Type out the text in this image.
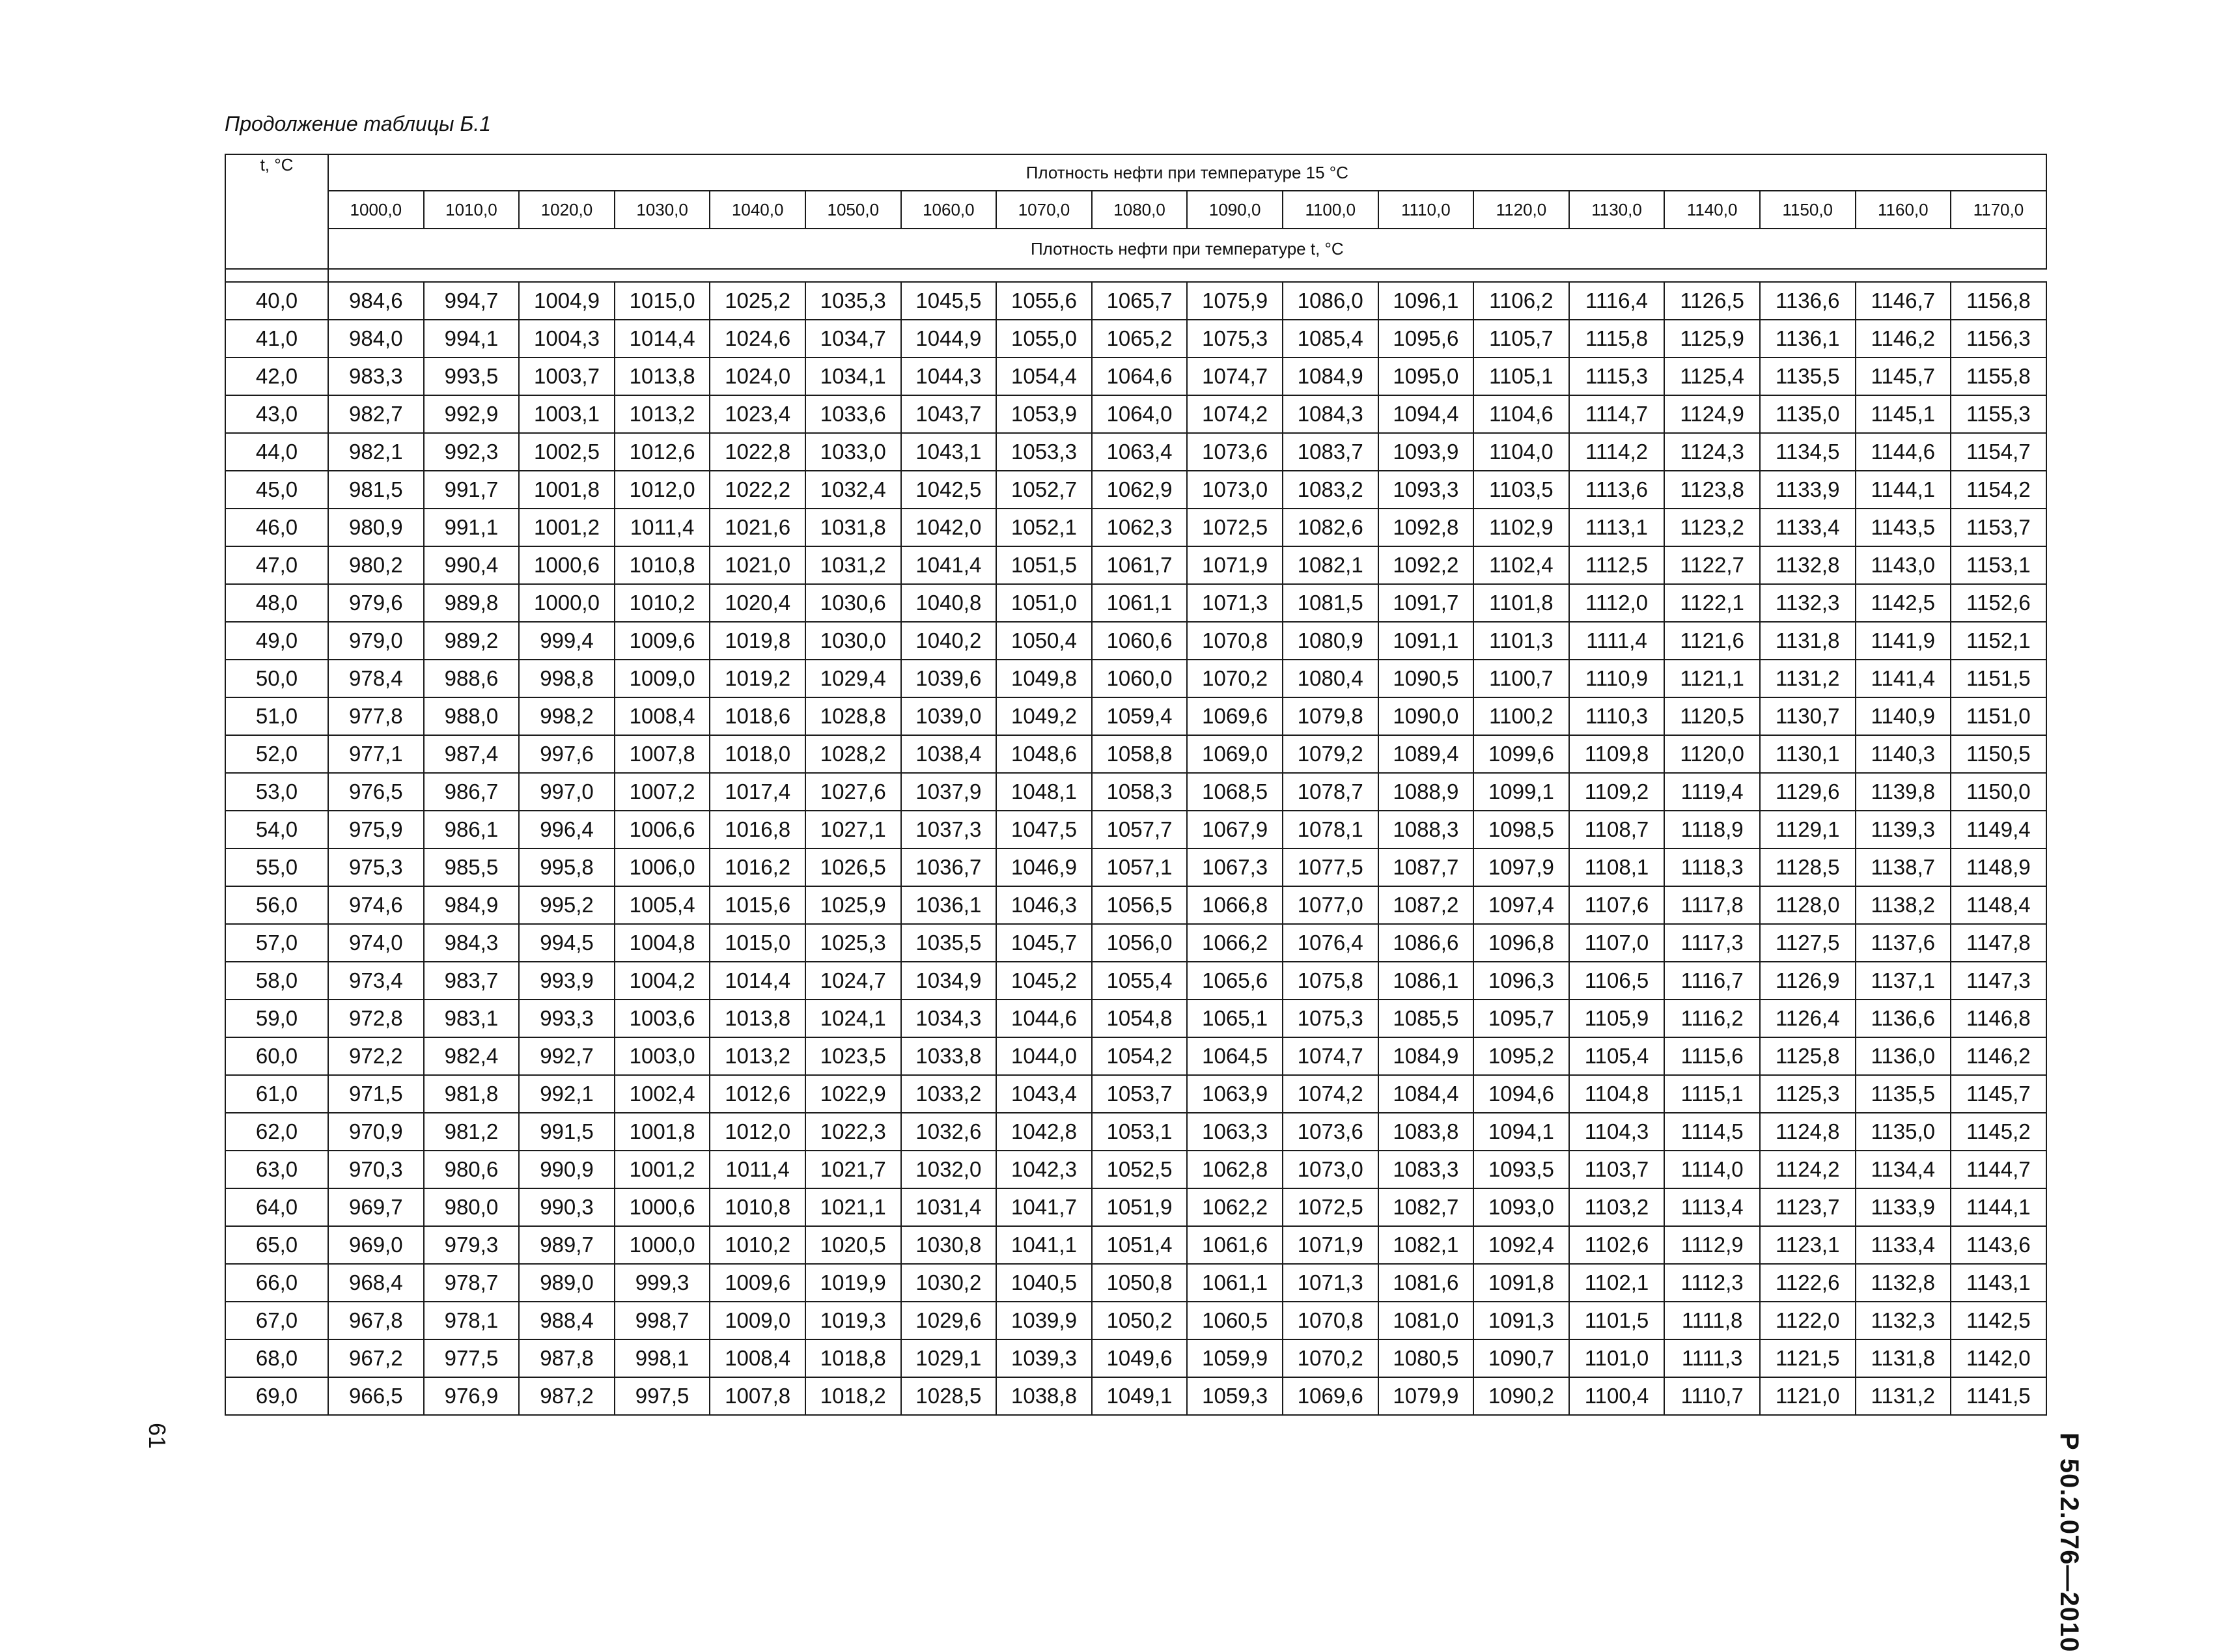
Продолжение таблицы Б.1
t, °C	Плотность нефти при температуре 15 °C																	
	1000,0	1010,0	1020,0	1030,0	1040,0	1050,0	1060,0	1070,0	1080,0	1090,0	1100,0	1110,0	1120,0	1130,0	1140,0	1150,0	1160,0	1170,0
	Плотность нефти при температуре t, °C																	

40,0	984,6	994,7	1004,9	1015,0	1025,2	1035,3	1045,5	1055,6	1065,7	1075,9	1086,0	1096,1	1106,2	1116,4	1126,5	1136,6	1146,7	1156,8
41,0	984,0	994,1	1004,3	1014,4	1024,6	1034,7	1044,9	1055,0	1065,2	1075,3	1085,4	1095,6	1105,7	1115,8	1125,9	1136,1	1146,2	1156,3
42,0	983,3	993,5	1003,7	1013,8	1024,0	1034,1	1044,3	1054,4	1064,6	1074,7	1084,9	1095,0	1105,1	1115,3	1125,4	1135,5	1145,7	1155,8
43,0	982,7	992,9	1003,1	1013,2	1023,4	1033,6	1043,7	1053,9	1064,0	1074,2	1084,3	1094,4	1104,6	1114,7	1124,9	1135,0	1145,1	1155,3
44,0	982,1	992,3	1002,5	1012,6	1022,8	1033,0	1043,1	1053,3	1063,4	1073,6	1083,7	1093,9	1104,0	1114,2	1124,3	1134,5	1144,6	1154,7
45,0	981,5	991,7	1001,8	1012,0	1022,2	1032,4	1042,5	1052,7	1062,9	1073,0	1083,2	1093,3	1103,5	1113,6	1123,8	1133,9	1144,1	1154,2
46,0	980,9	991,1	1001,2	1011,4	1021,6	1031,8	1042,0	1052,1	1062,3	1072,5	1082,6	1092,8	1102,9	1113,1	1123,2	1133,4	1143,5	1153,7
47,0	980,2	990,4	1000,6	1010,8	1021,0	1031,2	1041,4	1051,5	1061,7	1071,9	1082,1	1092,2	1102,4	1112,5	1122,7	1132,8	1143,0	1153,1
48,0	979,6	989,8	1000,0	1010,2	1020,4	1030,6	1040,8	1051,0	1061,1	1071,3	1081,5	1091,7	1101,8	1112,0	1122,1	1132,3	1142,5	1152,6
49,0	979,0	989,2	999,4	1009,6	1019,8	1030,0	1040,2	1050,4	1060,6	1070,8	1080,9	1091,1	1101,3	1111,4	1121,6	1131,8	1141,9	1152,1
50,0	978,4	988,6	998,8	1009,0	1019,2	1029,4	1039,6	1049,8	1060,0	1070,2	1080,4	1090,5	1100,7	1110,9	1121,1	1131,2	1141,4	1151,5
51,0	977,8	988,0	998,2	1008,4	1018,6	1028,8	1039,0	1049,2	1059,4	1069,6	1079,8	1090,0	1100,2	1110,3	1120,5	1130,7	1140,9	1151,0
52,0	977,1	987,4	997,6	1007,8	1018,0	1028,2	1038,4	1048,6	1058,8	1069,0	1079,2	1089,4	1099,6	1109,8	1120,0	1130,1	1140,3	1150,5
53,0	976,5	986,7	997,0	1007,2	1017,4	1027,6	1037,9	1048,1	1058,3	1068,5	1078,7	1088,9	1099,1	1109,2	1119,4	1129,6	1139,8	1150,0
54,0	975,9	986,1	996,4	1006,6	1016,8	1027,1	1037,3	1047,5	1057,7	1067,9	1078,1	1088,3	1098,5	1108,7	1118,9	1129,1	1139,3	1149,4
55,0	975,3	985,5	995,8	1006,0	1016,2	1026,5	1036,7	1046,9	1057,1	1067,3	1077,5	1087,7	1097,9	1108,1	1118,3	1128,5	1138,7	1148,9
56,0	974,6	984,9	995,2	1005,4	1015,6	1025,9	1036,1	1046,3	1056,5	1066,8	1077,0	1087,2	1097,4	1107,6	1117,8	1128,0	1138,2	1148,4
57,0	974,0	984,3	994,5	1004,8	1015,0	1025,3	1035,5	1045,7	1056,0	1066,2	1076,4	1086,6	1096,8	1107,0	1117,3	1127,5	1137,6	1147,8
58,0	973,4	983,7	993,9	1004,2	1014,4	1024,7	1034,9	1045,2	1055,4	1065,6	1075,8	1086,1	1096,3	1106,5	1116,7	1126,9	1137,1	1147,3
59,0	972,8	983,1	993,3	1003,6	1013,8	1024,1	1034,3	1044,6	1054,8	1065,1	1075,3	1085,5	1095,7	1105,9	1116,2	1126,4	1136,6	1146,8
60,0	972,2	982,4	992,7	1003,0	1013,2	1023,5	1033,8	1044,0	1054,2	1064,5	1074,7	1084,9	1095,2	1105,4	1115,6	1125,8	1136,0	1146,2
61,0	971,5	981,8	992,1	1002,4	1012,6	1022,9	1033,2	1043,4	1053,7	1063,9	1074,2	1084,4	1094,6	1104,8	1115,1	1125,3	1135,5	1145,7
62,0	970,9	981,2	991,5	1001,8	1012,0	1022,3	1032,6	1042,8	1053,1	1063,3	1073,6	1083,8	1094,1	1104,3	1114,5	1124,8	1135,0	1145,2
63,0	970,3	980,6	990,9	1001,2	1011,4	1021,7	1032,0	1042,3	1052,5	1062,8	1073,0	1083,3	1093,5	1103,7	1114,0	1124,2	1134,4	1144,7
64,0	969,7	980,0	990,3	1000,6	1010,8	1021,1	1031,4	1041,7	1051,9	1062,2	1072,5	1082,7	1093,0	1103,2	1113,4	1123,7	1133,9	1144,1
65,0	969,0	979,3	989,7	1000,0	1010,2	1020,5	1030,8	1041,1	1051,4	1061,6	1071,9	1082,1	1092,4	1102,6	1112,9	1123,1	1133,4	1143,6
66,0	968,4	978,7	989,0	999,3	1009,6	1019,9	1030,2	1040,5	1050,8	1061,1	1071,3	1081,6	1091,8	1102,1	1112,3	1122,6	1132,8	1143,1
67,0	967,8	978,1	988,4	998,7	1009,0	1019,3	1029,6	1039,9	1050,2	1060,5	1070,8	1081,0	1091,3	1101,5	1111,8	1122,0	1132,3	1142,5
68,0	967,2	977,5	987,8	998,1	1008,4	1018,8	1029,1	1039,3	1049,6	1059,9	1070,2	1080,5	1090,7	1101,0	1111,3	1121,5	1131,8	1142,0
69,0	966,5	976,9	987,2	997,5	1007,8	1018,2	1028,5	1038,8	1049,1	1059,3	1069,6	1079,9	1090,2	1100,4	1110,7	1121,0	1131,2	1141,5
Р 50.2.076—2010
61
